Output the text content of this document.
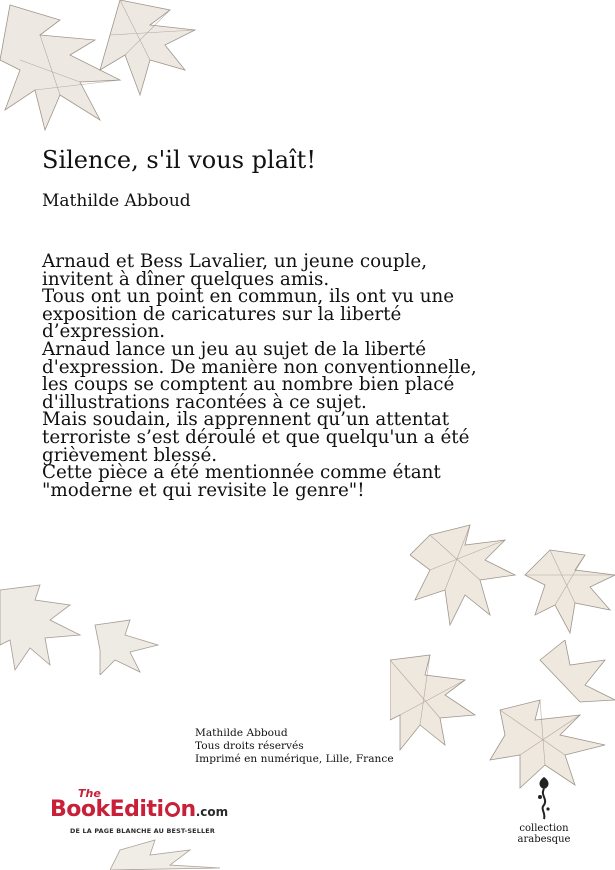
Silence, s'il vous plaît!
Mathilde Abboud

Arnaud et Bess Lavalier, un jeune couple, invitent à dîner quelques amis.

Tous ont un point en commun, ils ont vu une exposition de caricatures sur la liberté d’expression.

Arnaud lance un jeu au sujet de la liberté d'expression. De manière non conventionnelle, les coups se comptent au nombre bien placé d'illustrations racontées à ce sujet.

Mais soudain, ils apprennent qu’un attentat terroriste s’est déroulé et que quelqu'un a été grièvement blessé.

Cette pièce a été mentionnée comme étant "moderne et qui revisite le genre"!

Mathilde Abboud
Tous droits réservés
Imprimé en numérique, Lille, France
The
BookEditi n.com
DE LA PAGE BLANCHE AU BEST-SELLER	collection
arabesque
